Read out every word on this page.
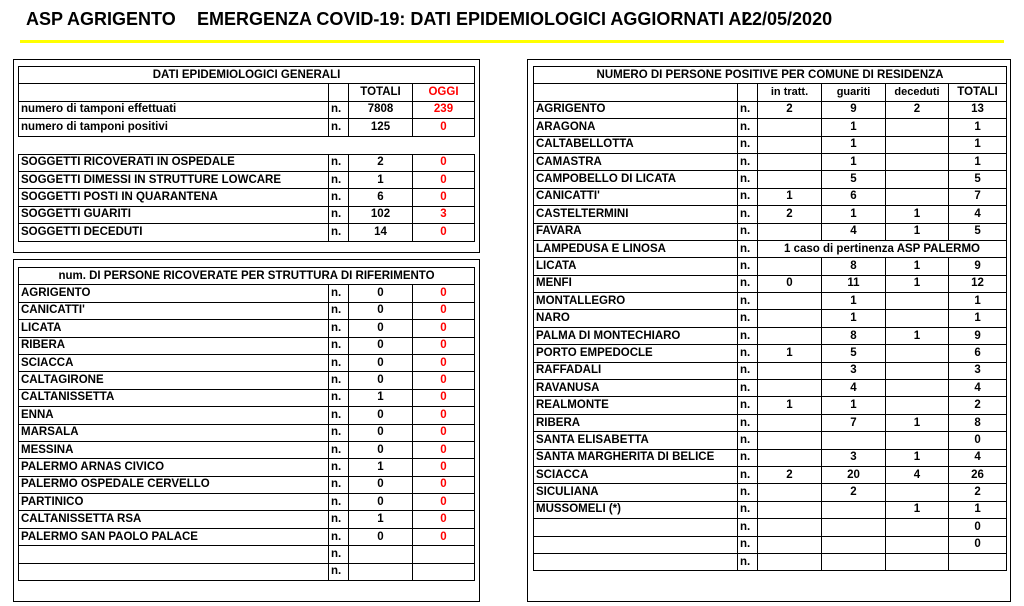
ASP AGRIGENTO EMERGENZA COVID-19: DATI EPIDEMIOLOGICI AGGIORNATI AL
22/05/2020
DATI EPIDEMIOLOGICI GENERALI			
		TOTALI	OGGI
numero di tamponi effettuati	n.	7808	239
numero di tamponi positivi	n.	125	0

SOGGETTI RICOVERATI IN OSPEDALE	n.	2	0
SOGGETTI DIMESSI IN STRUTTURE LOWCARE	n.	1	0
SOGGETTI POSTI IN QUARANTENA	n.	6	0
SOGGETTI GUARITI	n.	102	3
SOGGETTI DECEDUTI	n.	14	0
num. DI PERSONE RICOVERATE PER STRUTTURA DI RIFERIMENTO			
AGRIGENTO	n.	0	0
CANICATTI'	n.	0	0
LICATA	n.	0	0
RIBERA	n.	0	0
SCIACCA	n.	0	0
CALTAGIRONE	n.	0	0
CALTANISSETTA	n.	1	0
ENNA	n.	0	0
MARSALA	n.	0	0
MESSINA	n.	0	0
PALERMO ARNAS CIVICO	n.	1	0
PALERMO OSPEDALE CERVELLO	n.	0	0
PARTINICO	n.	0	0
CALTANISSETTA RSA	n.	1	0
PALERMO SAN PAOLO PALACE	n.	0	0
	n.		
	n.		
NUMERO DI PERSONE POSITIVE PER COMUNE DI RESIDENZA					
		in tratt.	guariti	deceduti	TOTALI
AGRIGENTO	n.	2	9	2	13
ARAGONA	n.		1		1
CALTABELLOTTA	n.		1		1
CAMASTRA	n.		1		1
CAMPOBELLO DI LICATA	n.		5		5
CANICATTI'	n.	1	6		7
CASTELTERMINI	n.	2	1	1	4
FAVARA	n.		4	1	5
LAMPEDUSA E LINOSA	n.	1 caso di pertinenza ASP PALERMO			
LICATA	n.		8	1	9
MENFI	n.	0	11	1	12
MONTALLEGRO	n.		1		1
NARO	n.		1		1
PALMA DI MONTECHIARO	n.		8	1	9
PORTO EMPEDOCLE	n.	1	5		6
RAFFADALI	n.		3		3
RAVANUSA	n.		4		4
REALMONTE	n.	1	1		2
RIBERA	n.		7	1	8
SANTA ELISABETTA	n.				0
SANTA MARGHERITA DI BELICE	n.		3	1	4
SCIACCA	n.	2	20	4	26
SICULIANA	n.		2		2
MUSSOMELI (*)	n.			1	1
	n.				0
	n.				0
	n.				
